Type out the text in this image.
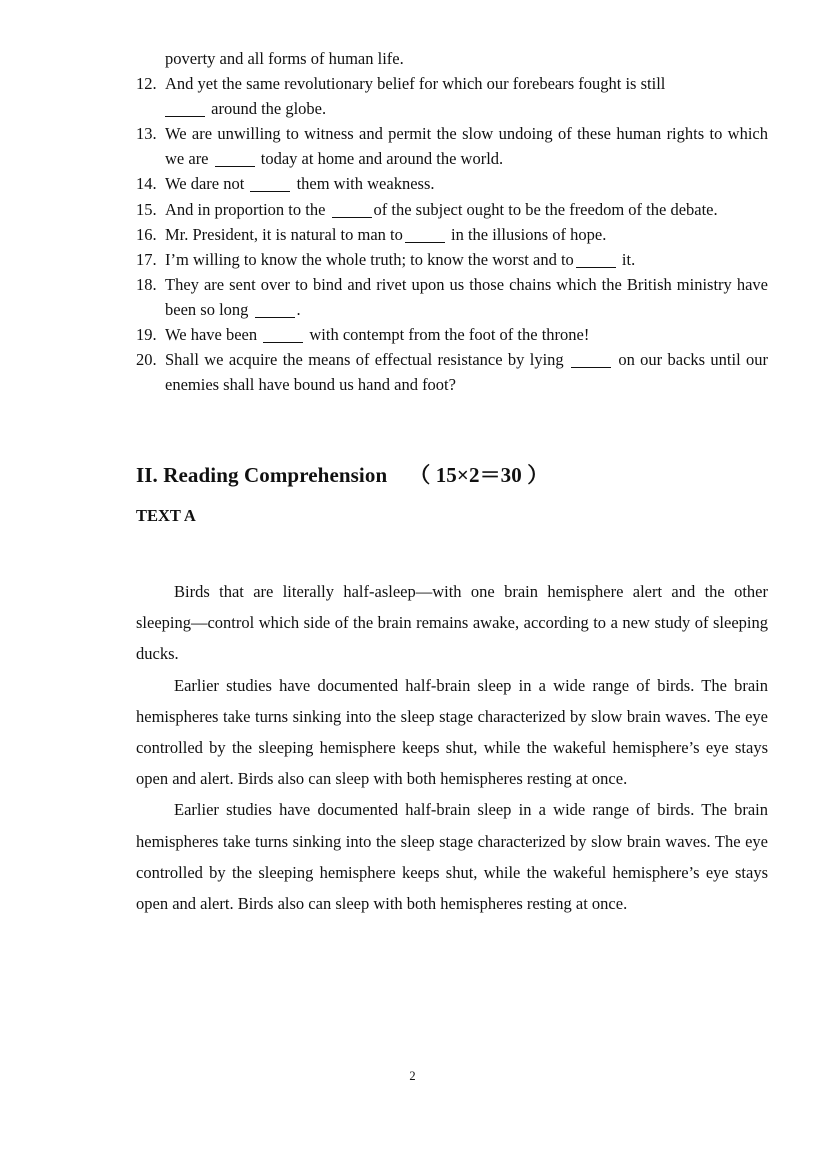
poverty and all forms of human life.
12. And yet the same revolutionary belief for which our forebears fought is still
around the globe.
13. We are unwilling to witness and permit the slow undoing of these human rights to which we are	today at home and around the world.
14. We dare not	them with weakness.
15. And in proportion to the	of the subject ought to be the freedom of the debate.
16. Mr. President, it is natural to man to	in the illusions of hope.
17. I’m willing to know the whole truth; to know the worst and to	it.
18. They are sent over to bind and rivet upon us those chains which the British ministry have been so long	.
19. We have been	with contempt from the foot of the throne!
20. Shall we acquire the means of effectual resistance by lying	on our backs until our enemies shall have bound us hand and foot?
II. Reading Comprehension （ 15×2＝30 ）
TEXT A

Birds that are literally half-asleep—with one brain hemisphere alert and the other sleeping—control which side of the brain remains awake, according to a new study of sleeping ducks.

Earlier studies have documented half-brain sleep in a wide range of birds. The brain hemispheres take turns sinking into the sleep stage characterized by slow brain waves. The eye controlled by the sleeping hemisphere keeps shut, while the wakeful hemisphere’s eye stays open and alert. Birds also can sleep with both hemispheres resting at once.

Earlier studies have documented half-brain sleep in a wide range of birds. The brain hemispheres take turns sinking into the sleep stage characterized by slow brain waves. The eye controlled by the sleeping hemisphere keeps shut, while the wakeful hemisphere’s eye stays open and alert. Birds also can sleep with both hemispheres resting at once.

2
